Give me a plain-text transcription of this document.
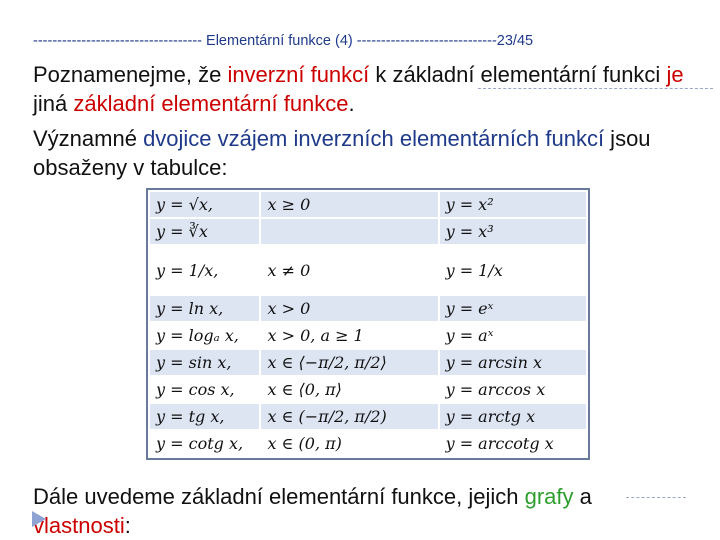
----------------------------------- Elementární funkce (4) -----------------------------23/45
Poznamenejme, že inverzní funkcí k základní elementární funkci je jiná základní elementární funkce.
Významné dvojice vzájem inverzních elementárních funkcí jsou obsaženy v tabulce:
y = √x,	x ≥ 0	y = x²
y = ∛x		y = x³
y = 1/x,	x ≠ 0	y = 1/x
y = ln x,	x > 0	y = eˣ
y = logₐ x,	x > 0, a ≥ 1	y = aˣ
y = sin x,	x ∈ ⟨−π/2, π/2⟩	y = arcsin x
y = cos x,	x ∈ ⟨0, π⟩	y = arccos x
y = tg x,	x ∈ (−π/2, π/2)	y = arctg x
y = cotg x,	x ∈ (0, π)	y = arccotg x
Dále uvedeme základní elementární funkce, jejich grafy a vlastnosti:
